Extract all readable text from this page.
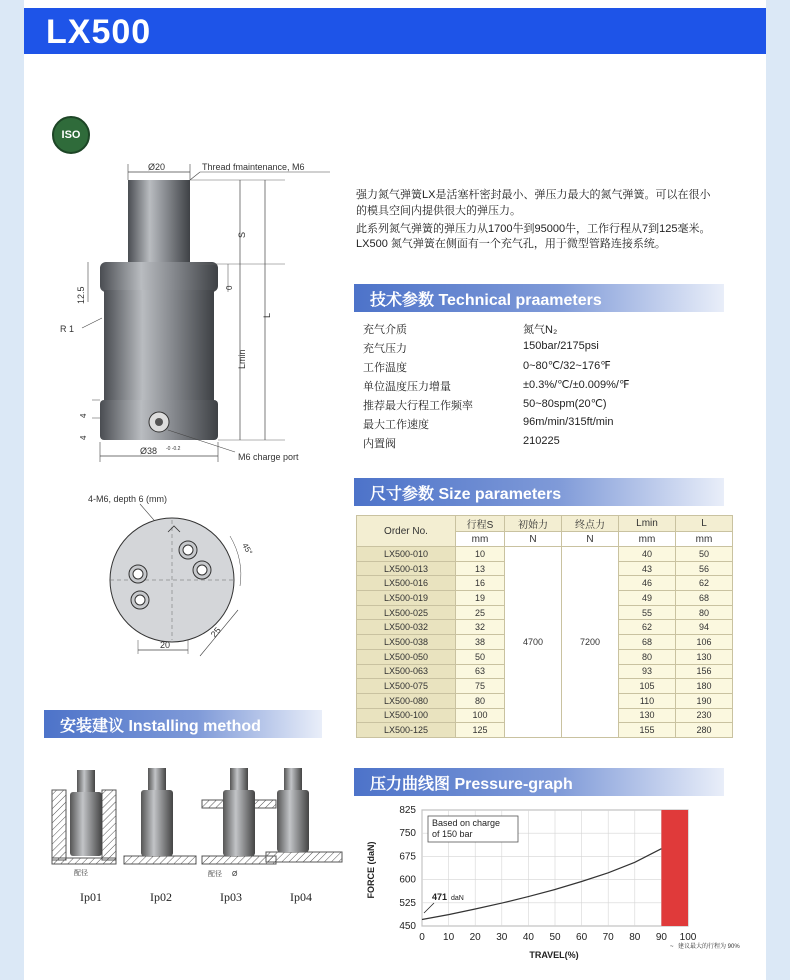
LX500
ISO
Ø20	Thread fmaintenance, M6
S
Lmin
L
0
12.5
R 1
4
4
Ø38 -0 -0.2
M6 charge port
强力氮气弹簧LX是活塞杆密封最小、弹压力最大的氮气弹簧。可以在很小
的模具空间内提供很大的弹压力。
此系列氮气弹簧的弹压力从1700牛到95000牛，工作行程从7到125毫米。
LX500 氮气弹簧在侧面有一个充气孔，用于微型管路连接系统。
技术参数 Technical praameters
充气介质	氮气N₂
充气压力	150bar/2175psi
工作温度	0~80℃/32~176℉
单位温度压力增量	±0.3%/℃/±0.009%/℉
推荐最大行程工作频率	50~80spm(20℃)
最大工作速度	96m/min/315ft/min
内置阀	210225
4-M6, depth 6 (mm)
45°
20
25
尺寸参数 Size parameters
Order No.	行程S	初始力	终点力	Lmin	L
	mm	N	N	mm	mm
LX500-010	10	4700	7200	40	50
LX500-013	13			43	56
LX500-016	16			46	62
LX500-019	19			49	68
LX500-025	25			55	80
LX500-032	32			62	94
LX500-038	38			68	106
LX500-050	50			80	130
LX500-063	63			93	156
LX500-075	75			105	180
LX500-080	80			110	190
LX500-100	100			130	230
LX500-125	125			155	280
安装建议 Installing method
配径	配径 Ø
Ip01	Ip02	Ip03	Ip04
压力曲线图 Pressure-graph
0 10 20 30 40 50 60 70 80 90 100
450
525
600
675
750
825
Based on charge
of 150 bar
471 daN
FORCE (daN)
TRAVEL(%)
~ 建议最大的行程为 90%
